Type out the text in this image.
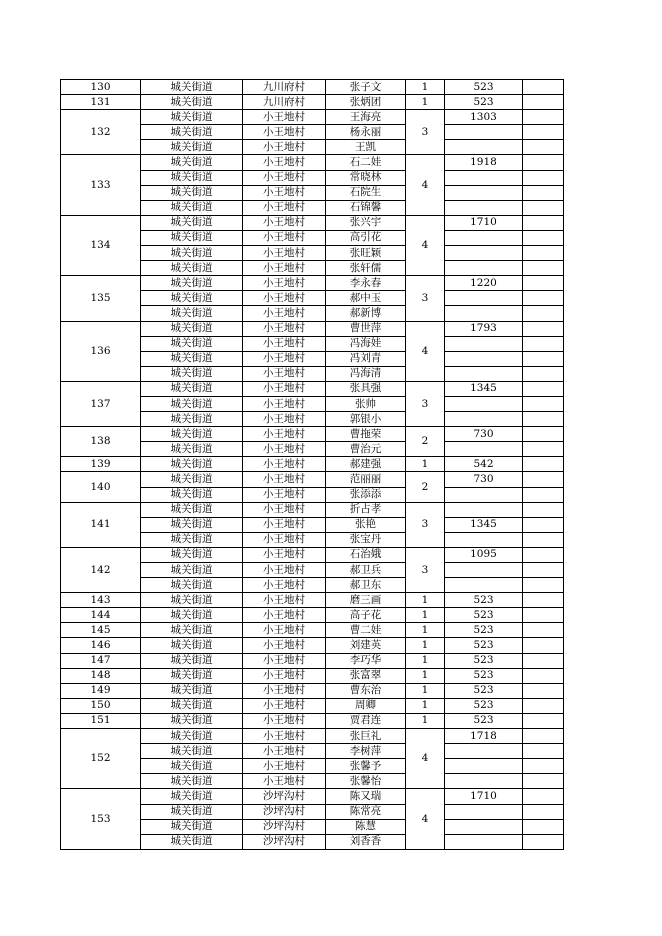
130	城关街道	九川府村	张子文	1	523	
131	城关街道	九川府村	张炳团	1	523	
132	城关街道	小王地村	王海亮	3	1303	
	城关街道	小王地村	杨永丽			
	城关街道	小王地村	王凯			
133	城关街道	小王地村	石二娃	4	1918	
	城关街道	小王地村	常晓林			
	城关街道	小王地村	石院生			
	城关街道	小王地村	石锦馨			
134	城关街道	小王地村	张兴宇	4	1710	
	城关街道	小王地村	高引花			
	城关街道	小王地村	张旺颖			
	城关街道	小王地村	张轩儒			
135	城关街道	小王地村	李永春	3	1220	
	城关街道	小王地村	郝中玉			
	城关街道	小王地村	郝新博			
136	城关街道	小王地村	曹世萍	4	1793	
	城关街道	小王地村	冯海娃			
	城关街道	小王地村	冯刘青			
	城关街道	小王地村	冯海清			
137	城关街道	小王地村	张具强	3	1345	
	城关街道	小王地村	张帅			
	城关街道	小王地村	郭银小			
138	城关街道	小王地村	曹拖荣	2	730	
	城关街道	小王地村	曹治元			
139	城关街道	小王地村	郝建强	1	542	
140	城关街道	小王地村	范丽丽	2	730	
	城关街道	小王地村	张添添			
141	城关街道	小王地村	折占孝	3		
	城关街道	小王地村	张艳		1345	
	城关街道	小王地村	张宝丹			
142	城关街道	小王地村	石治娥	3	1095	
	城关街道	小王地村	郝卫兵			
	城关街道	小王地村	郝卫东			
143	城关街道	小王地村	磨三画	1	523	
144	城关街道	小王地村	高子花	1	523	
145	城关街道	小王地村	曹二娃	1	523	
146	城关街道	小王地村	刘建英	1	523	
147	城关街道	小王地村	李巧华	1	523	
148	城关街道	小王地村	张富翠	1	523	
149	城关街道	小王地村	曹东治	1	523	
150	城关街道	小王地村	周卿	1	523	
151	城关街道	小王地村	贾君连	1	523	
152	城关街道	小王地村	张巨礼	4	1718	
	城关街道	小王地村	李树萍			
	城关街道	小王地村	张馨予			
	城关街道	小王地村	张馨怡			
153	城关街道	沙坪沟村	陈又瑞	4	1710	
	城关街道	沙坪沟村	陈常亮			
	城关街道	沙坪沟村	陈慧			
	城关街道	沙坪沟村	刘香香			
